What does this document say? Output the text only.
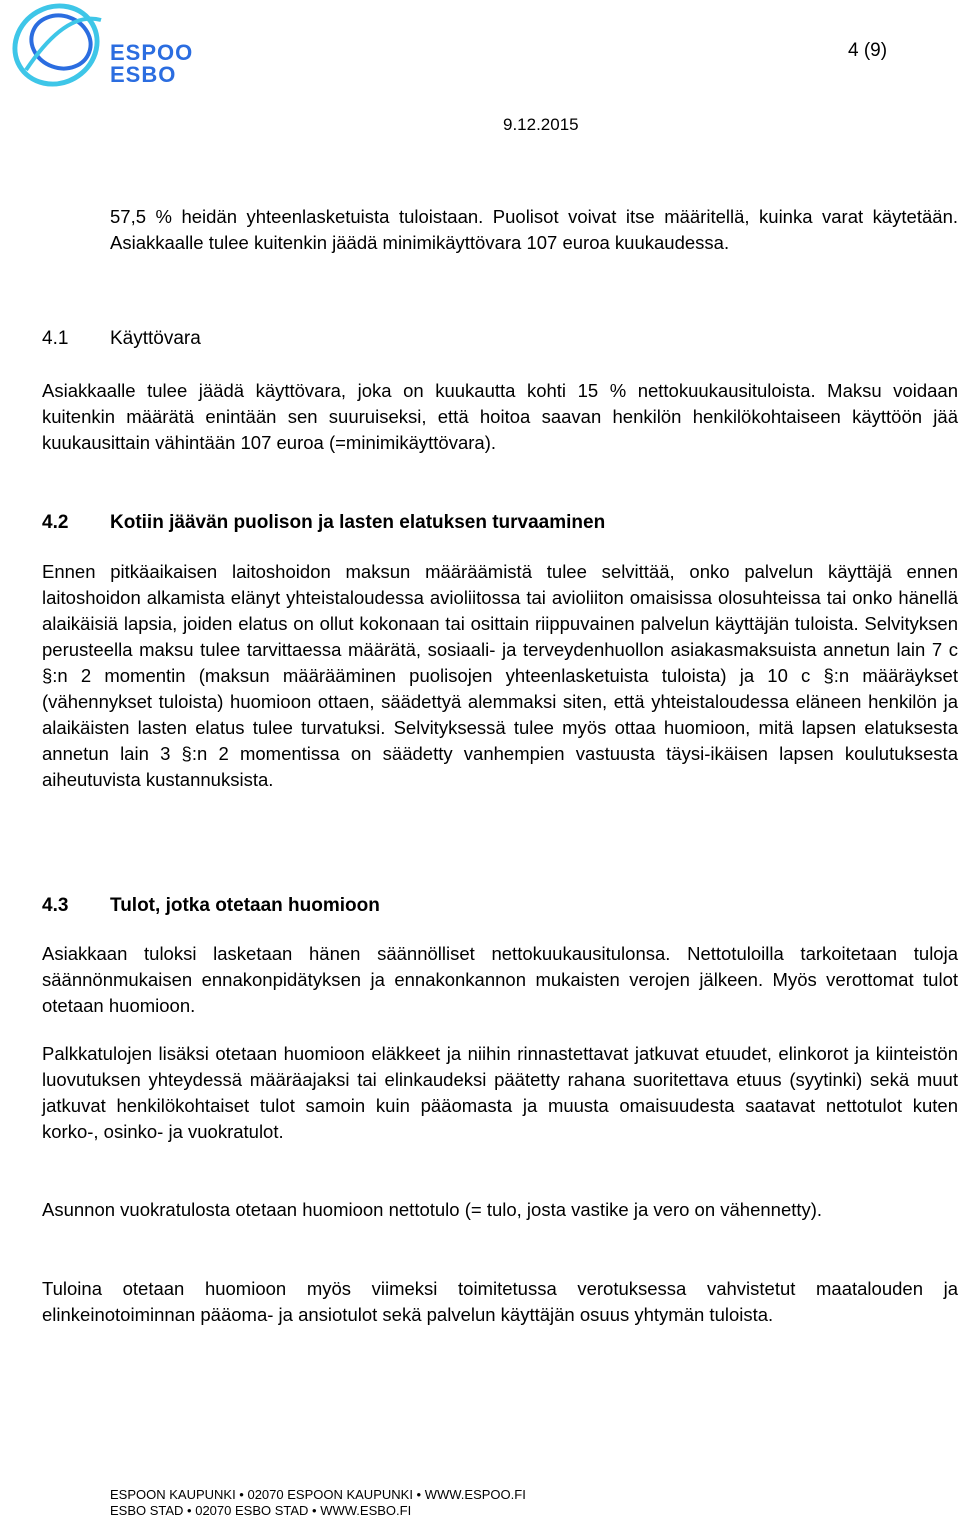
ESPOO
ESBO
4 (9)
9.12.2015
57,5 % heidän yhteenlasketuista tuloistaan. Puolisot voivat itse määritellä, kuinka varat käytetään. Asiakkaalle tulee kuitenkin jäädä minimikäyttövara 107 euroa kuukaudessa.
4.1 Käyttövara
Asiakkaalle tulee jäädä käyttövara, joka on kuukautta kohti 15 % nettokuukausituloista. Maksu voidaan kuitenkin määrätä enintään sen suuruiseksi, että hoitoa saavan henkilön henkilökohtaiseen käyttöön jää kuukausittain vähintään 107 euroa (=minimikäyttövara).
4.2 Kotiin jäävän puolison ja lasten elatuksen turvaaminen
Ennen pitkäaikaisen laitoshoidon maksun määräämistä tulee selvittää, onko palvelun käyttäjä ennen laitoshoidon alkamista elänyt yhteistaloudessa avioliitossa tai avioliiton omaisissa olosuhteissa tai onko hänellä alaikäisiä lapsia, joiden elatus on ollut kokonaan tai osittain riippuvainen palvelun käyttäjän tuloista. Selvityksen perusteella maksu tulee tarvittaessa määrätä, sosiaali- ja terveydenhuollon asiakasmaksuista annetun lain 7 c §:n 2 momentin (maksun määrääminen puolisojen yhteenlasketuista tuloista) ja 10 c §:n määräykset (vähennykset tuloista) huomioon ottaen, säädettyä alemmaksi siten, että yhteistaloudessa eläneen henkilön ja alaikäisten lasten elatus tulee turvatuksi. Selvityksessä tulee myös ottaa huomioon, mitä lapsen elatuksesta annetun lain 3 §:n 2 momentissa on säädetty vanhempien vastuusta täysi-ikäisen lapsen koulutuksesta aiheutuvista kustannuksista.
4.3 Tulot, jotka otetaan huomioon
Asiakkaan tuloksi lasketaan hänen säännölliset nettokuukausitulonsa. Nettotuloilla tarkoitetaan tuloja säännönmukaisen ennakonpidätyksen ja ennakonkannon mukaisten verojen jälkeen. Myös verottomat tulot otetaan huomioon.
Palkkatulojen lisäksi otetaan huomioon eläkkeet ja niihin rinnastettavat jatkuvat etuudet, elinkorot ja kiinteistön luovutuksen yhteydessä määräajaksi tai elinkaudeksi päätetty rahana suoritettava etuus (syytinki) sekä muut jatkuvat henkilökohtaiset tulot samoin kuin pääomasta ja muusta omaisuudesta saatavat nettotulot kuten korko-, osinko- ja vuokratulot.
Asunnon vuokratulosta otetaan huomioon nettotulo (= tulo, josta vastike ja vero on vähennetty).
Tuloina otetaan huomioon myös viimeksi toimitetussa verotuksessa vahvistetut maatalouden ja elinkeinotoiminnan pääoma- ja ansiotulot sekä palvelun käyttäjän osuus yhtymän tuloista.
ESPOON KAUPUNKI • 02070 ESPOON KAUPUNKI • WWW.ESPOO.FI
ESBO STAD • 02070 ESBO STAD • WWW.ESBO.FI
